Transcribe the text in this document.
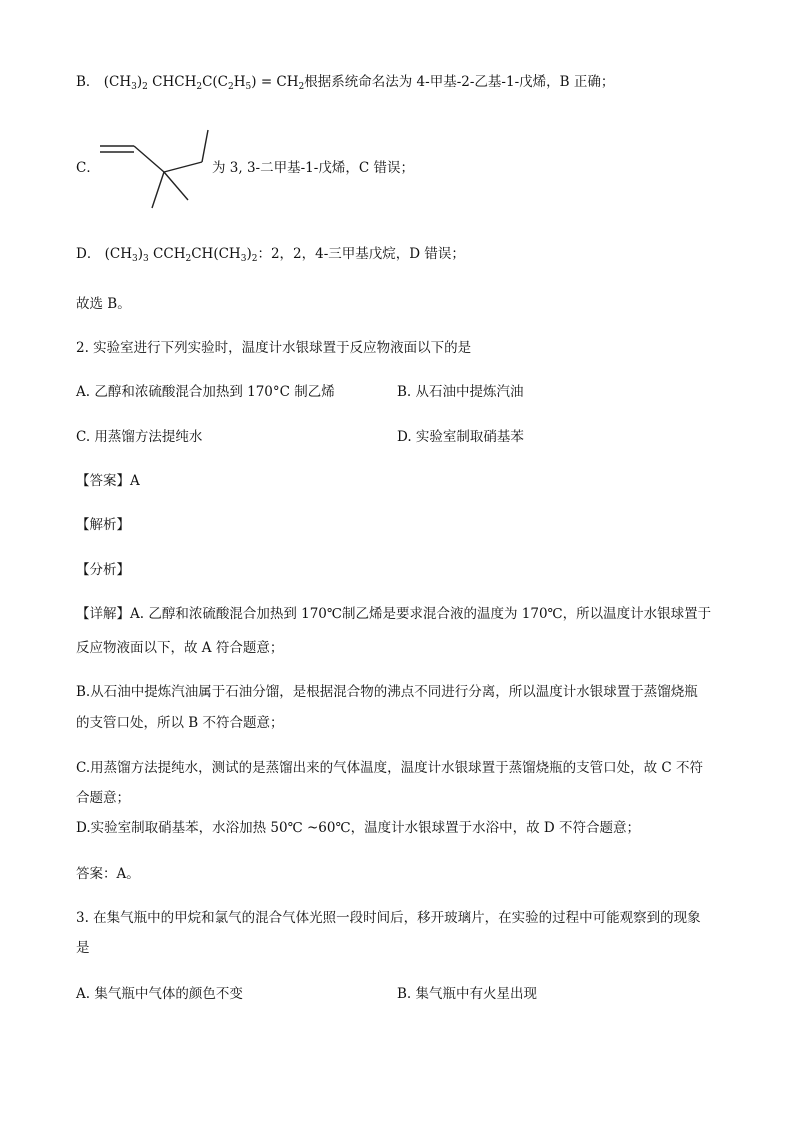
B． $(CH_3)_2$ $CHCH_2C(C_2H_5) = CH_2$根据系统命名法为 4-甲基-2-乙基-1-戊烯，B 正确；
C．	为 3, 3-二甲基-1-戊烯，C 错误；
D． $(CH_3)_3$ $CCH_2CH(CH_3)_2$：2，2，4-三甲基戊烷，D 错误；
故选 B。
2. 实验室进行下列实验时，温度计水银球置于反应物液面以下的是
A. 乙醇和浓硫酸混合加热到 170°C 制乙烯	B. 从石油中提炼汽油
C. 用蒸馏方法提纯水	D. 实验室制取硝基苯
【答案】A
【解析】
【分析】
【详解】A. 乙醇和浓硫酸混合加热到 170℃制乙烯是要求混合液的温度为 170℃，所以温度计水银球置于
反应物液面以下，故 A 符合题意；
B.从石油中提炼汽油属于石油分馏，是根据混合物的沸点不同进行分离，所以温度计水银球置于蒸馏烧瓶
的支管口处，所以 B 不符合题意；
C.用蒸馏方法提纯水，测试的是蒸馏出来的气体温度，温度计水银球置于蒸馏烧瓶的支管口处，故 C 不符
合题意；
D.实验室制取硝基苯，水浴加热 50℃ ~60℃，温度计水银球置于水浴中，故 D 不符合题意；
答案：A。
3. 在集气瓶中的甲烷和氯气的混合气体光照一段时间后，移开玻璃片，在实验的过程中可能观察到的现象
是
A. 集气瓶中气体的颜色不变	B. 集气瓶中有火星出现
